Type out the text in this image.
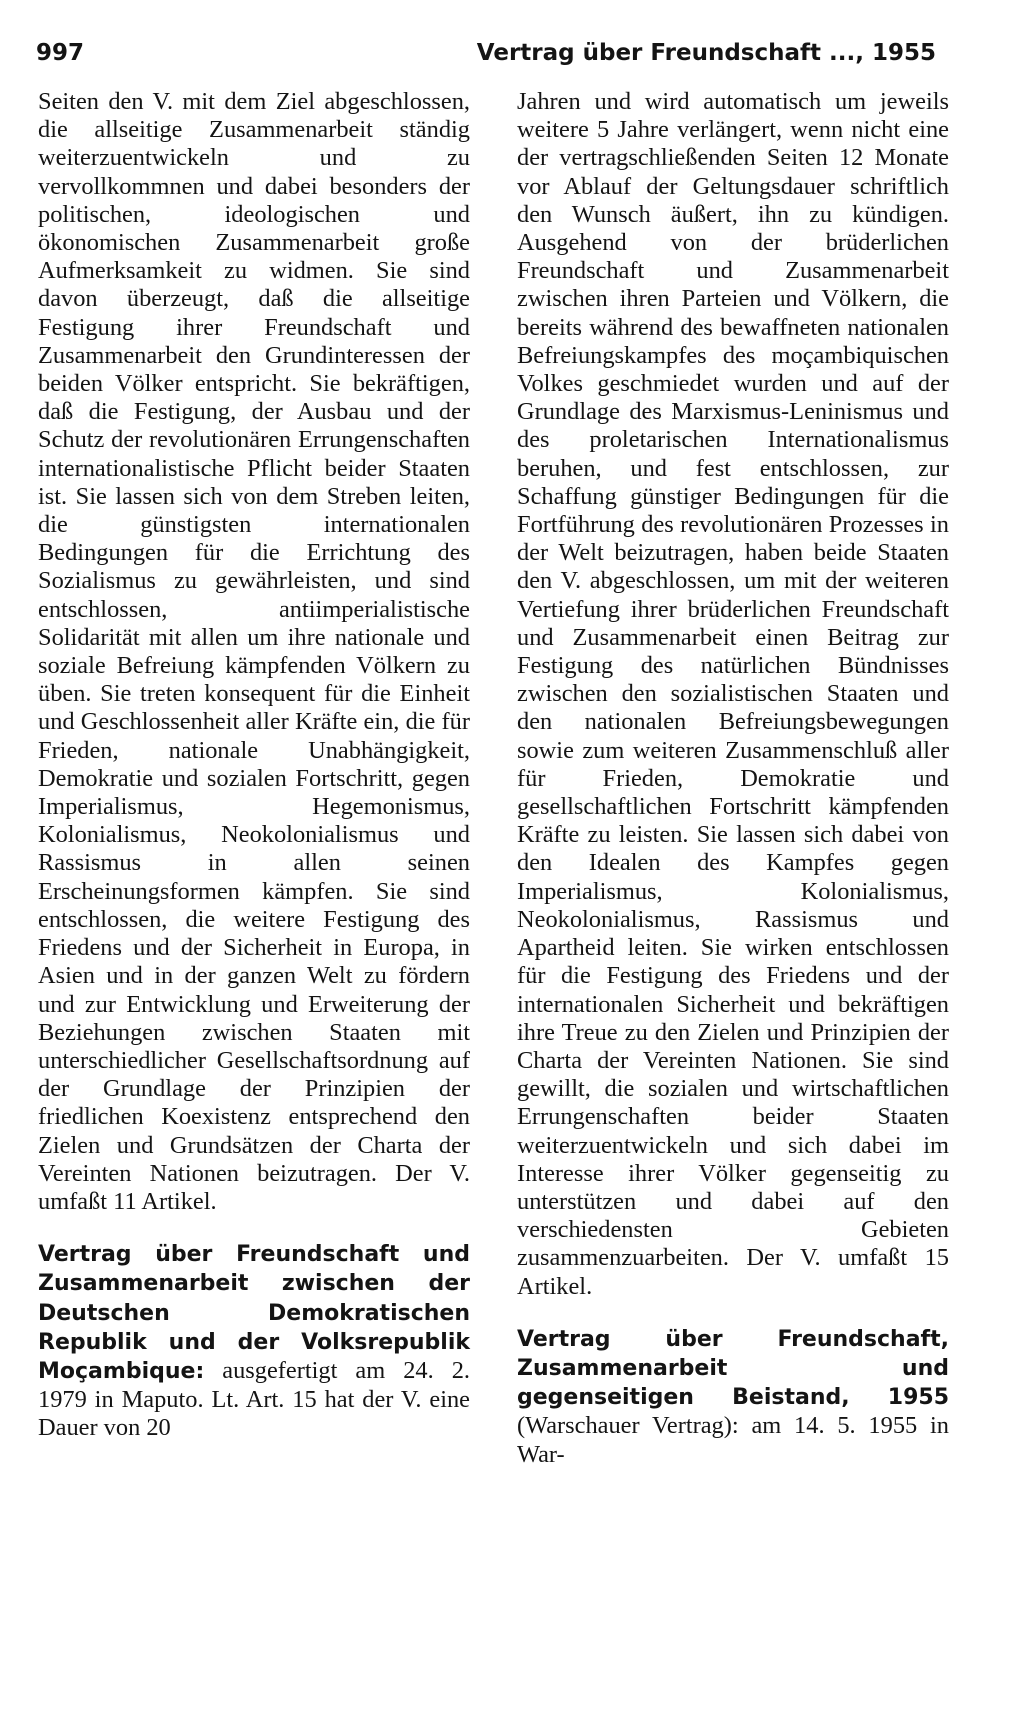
997	Vertrag über Freundschaft ..., 1955

Seiten den V. mit dem Ziel abgeschlossen, die allseitige Zusammenarbeit ständig weiterzuentwickeln und zu vervollkommnen und dabei besonders der politischen, ideologischen und ökonomischen Zusammenarbeit große Aufmerksamkeit zu widmen. Sie sind davon überzeugt, daß die allseitige Festigung ihrer Freundschaft und Zusammenarbeit den Grundinteressen der beiden Völker entspricht. Sie bekräftigen, daß die Festigung, der Ausbau und der Schutz der revolutionären Errungenschaften internationalistische Pflicht beider Staaten ist. Sie lassen sich von dem Streben leiten, die günstigsten internationalen Bedingungen für die Errichtung des Sozialismus zu gewährleisten, und sind entschlossen, antiimperialistische Solidarität mit allen um ihre nationale und soziale Befreiung kämpfenden Völkern zu üben. Sie treten konsequent für die Einheit und Geschlossenheit aller Kräfte ein, die für Frieden, nationale Unabhängigkeit, Demokratie und sozialen Fortschritt, gegen Imperialismus, Hegemonismus, Kolonialismus, Neokolonialismus und Rassismus in allen seinen Erscheinungsformen kämpfen. Sie sind entschlossen, die weitere Festigung des Friedens und der Sicherheit in Europa, in Asien und in der ganzen Welt zu fördern und zur Entwicklung und Erweiterung der Beziehungen zwischen Staaten mit unterschiedlicher Gesellschaftsordnung auf der Grundlage der Prinzipien der friedlichen Koexistenz entsprechend den Zielen und Grundsätzen der Charta der Vereinten Nationen beizutragen. Der V. umfaßt 11 Artikel.

Vertrag über Freundschaft und Zusammenarbeit zwischen der Deutschen Demokratischen Republik und der Volksrepublik Moçambique: ausgefertigt am 24. 2. 1979 in Maputo. Lt. Art. 15 hat der V. eine Dauer von 20

Jahren und wird automatisch um jeweils weitere 5 Jahre verlängert, wenn nicht eine der vertragschließenden Seiten 12 Monate vor Ablauf der Geltungsdauer schriftlich den Wunsch äußert, ihn zu kündigen. Ausgehend von der brüderlichen Freundschaft und Zusammenarbeit zwischen ihren Parteien und Völkern, die bereits während des bewaffneten nationalen Befreiungskampfes des moçambiquischen Volkes geschmiedet wurden und auf der Grundlage des Marxismus-Leninismus und des proletarischen Internationalismus beruhen, und fest entschlossen, zur Schaffung günstiger Bedingungen für die Fortführung des revolutionären Prozesses in der Welt beizutragen, haben beide Staaten den V. abgeschlossen, um mit der weiteren Vertiefung ihrer brüderlichen Freundschaft und Zusammenarbeit einen Beitrag zur Festigung des natürlichen Bündnisses zwischen den sozialistischen Staaten und den nationalen Befreiungsbewegungen sowie zum weiteren Zusammenschluß aller für Frieden, Demokratie und gesellschaftlichen Fortschritt kämpfenden Kräfte zu leisten. Sie lassen sich dabei von den Idealen des Kampfes gegen Imperialismus, Kolonialismus, Neokolonialismus, Rassismus und Apartheid leiten. Sie wirken entschlossen für die Festigung des Friedens und der internationalen Sicherheit und bekräftigen ihre Treue zu den Zielen und Prinzipien der Charta der Vereinten Nationen. Sie sind gewillt, die sozialen und wirtschaftlichen Errungenschaften beider Staaten weiterzuentwickeln und sich dabei im Interesse ihrer Völker gegenseitig zu unterstützen und dabei auf den verschiedensten Gebieten zusammenzuarbeiten. Der V. umfaßt 15 Artikel.

Vertrag über Freundschaft, Zusammenarbeit und gegenseitigen Beistand, 1955 (Warschauer Vertrag): am 14. 5. 1955 in War-
